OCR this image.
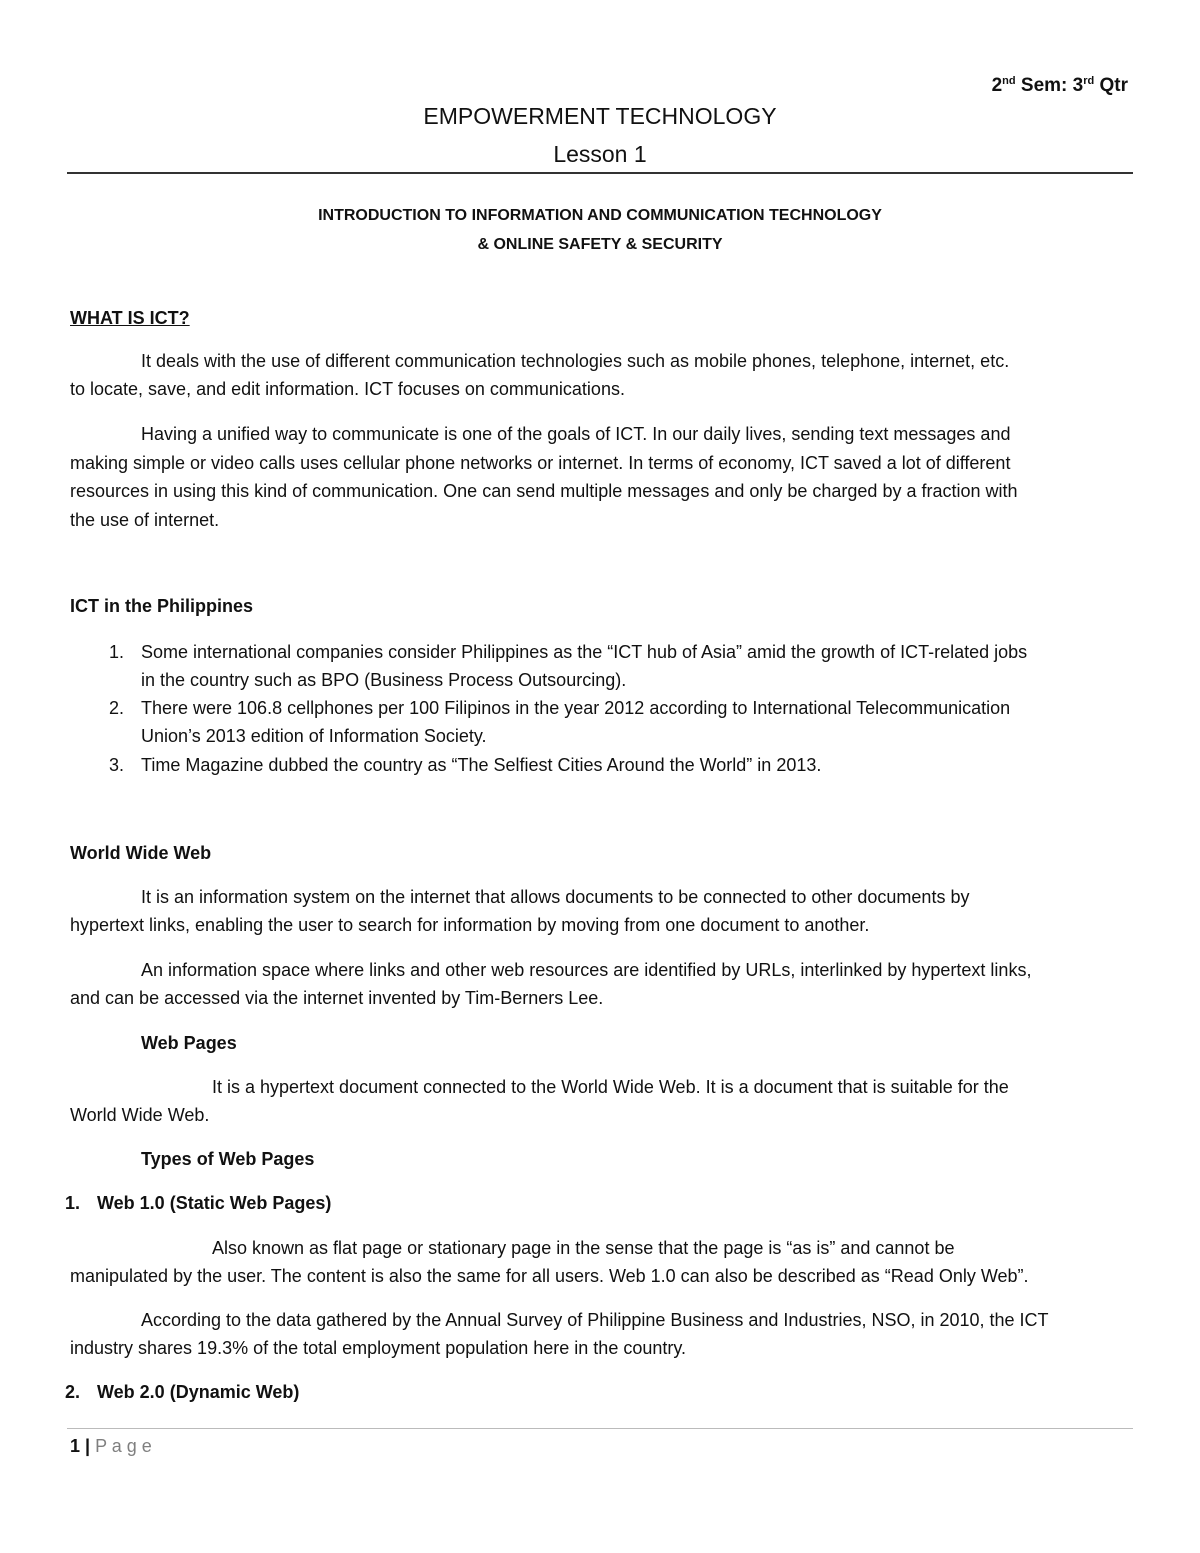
2nd Sem: 3rd Qtr
EMPOWERMENT TECHNOLOGY
Lesson 1
INTRODUCTION TO INFORMATION AND COMMUNICATION TECHNOLOGY
& ONLINE SAFETY & SECURITY
WHAT IS ICT?
It deals with the use of different communication technologies such as mobile phones, telephone, internet, etc.
to locate, save, and edit information. ICT focuses on communications.
Having a unified way to communicate is one of the goals of ICT. In our daily lives, sending text messages and
making simple or video calls uses cellular phone networks or internet. In terms of economy, ICT saved a lot of different
resources in using this kind of communication. One can send multiple messages and only be charged by a fraction with
the use of internet.
ICT in the Philippines
1. Some international companies consider Philippines as the “ICT hub of Asia” amid the growth of ICT-related jobs
in the country such as BPO (Business Process Outsourcing).
2. There were 106.8 cellphones per 100 Filipinos in the year 2012 according to International Telecommunication
Union’s 2013 edition of Information Society.
3. Time Magazine dubbed the country as “The Selfiest Cities Around the World” in 2013.
World Wide Web
It is an information system on the internet that allows documents to be connected to other documents by
hypertext links, enabling the user to search for information by moving from one document to another.
An information space where links and other web resources are identified by URLs, interlinked by hypertext links,
and can be accessed via the internet invented by Tim-Berners Lee.
Web Pages
It is a hypertext document connected to the World Wide Web. It is a document that is suitable for the
World Wide Web.
Types of Web Pages
1. Web 1.0 (Static Web Pages)
Also known as flat page or stationary page in the sense that the page is “as is” and cannot be
manipulated by the user. The content is also the same for all users. Web 1.0 can also be described as “Read Only Web”.
According to the data gathered by the Annual Survey of Philippine Business and Industries, NSO, in 2010, the ICT
industry shares 19.3% of the total employment population here in the country.
2. Web 2.0 (Dynamic Web)
1 | P a g e
